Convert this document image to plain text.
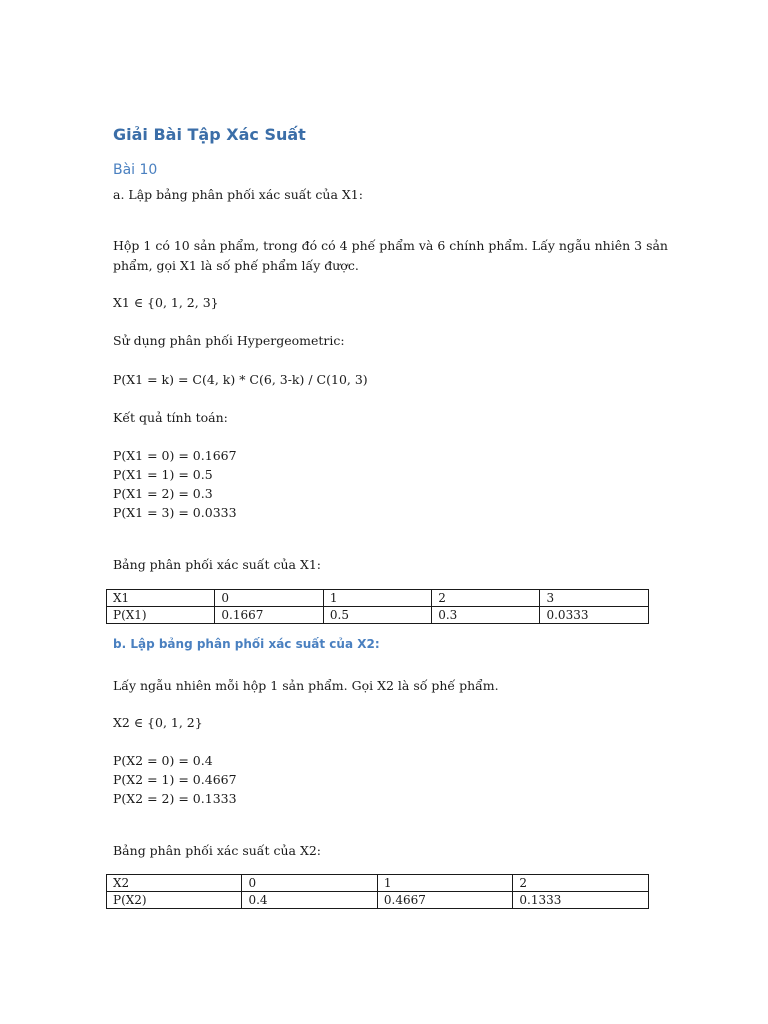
Giải Bài Tập Xác Suất
Bài 10
a. Lập bảng phân phối xác suất của X1:
Hộp 1 có 10 sản phẩm, trong đó có 4 phế phẩm và 6 chính phẩm. Lấy ngẫu nhiên 3 sản
phẩm, gọi X1 là số phế phẩm lấy được.
X1 ∈ {0, 1, 2, 3}
Sử dụng phân phối Hypergeometric:
P(X1 = k) = C(4, k) * C(6, 3-k) / C(10, 3)
Kết quả tính toán:
P(X1 = 0) = 0.1667
P(X1 = 1) = 0.5
P(X1 = 2) = 0.3
P(X1 = 3) = 0.0333
Bảng phân phối xác suất của X1:
X1	0	1	2	3
P(X1)	0.1667	0.5	0.3	0.0333
b. Lập bảng phân phối xác suất của X2:
Lấy ngẫu nhiên mỗi hộp 1 sản phẩm. Gọi X2 là số phế phẩm.
X2 ∈ {0, 1, 2}
P(X2 = 0) = 0.4
P(X2 = 1) = 0.4667
P(X2 = 2) = 0.1333
Bảng phân phối xác suất của X2:
X2	0	1	2
P(X2)	0.4	0.4667	0.1333
